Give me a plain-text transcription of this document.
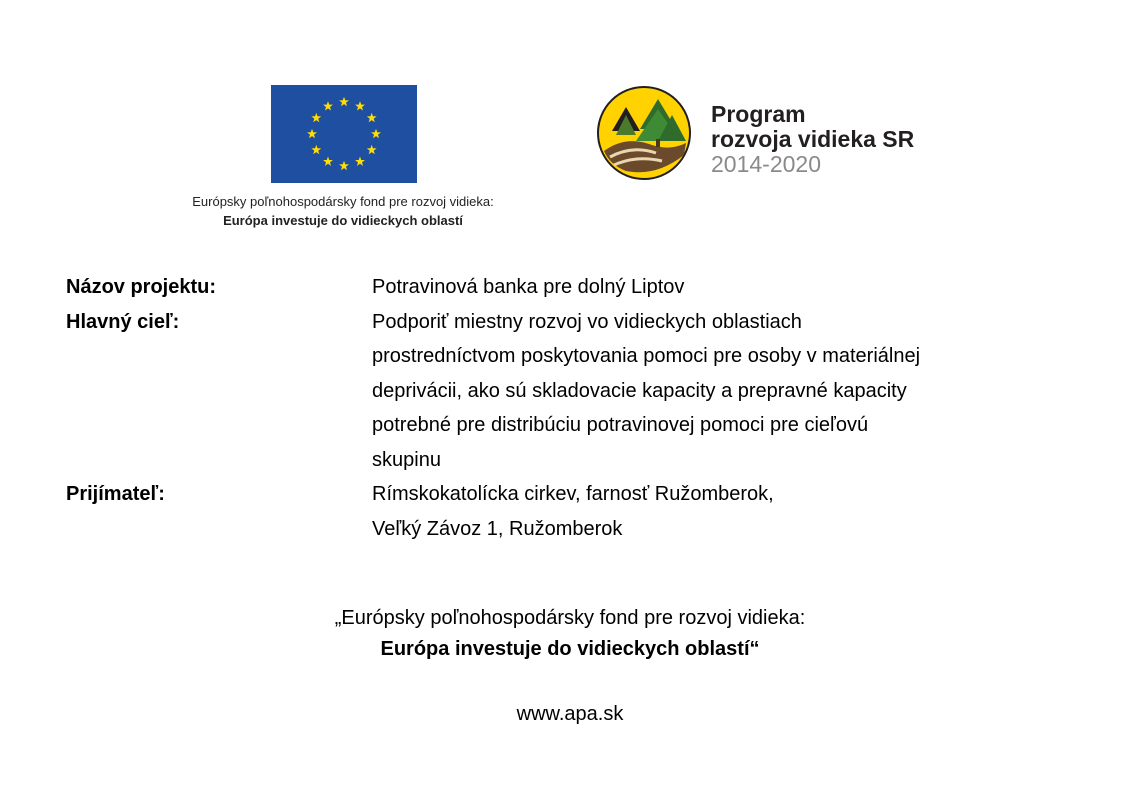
Európsky poľnohospodársky fond pre rozvoj vidieka:
Európa investuje do vidieckych oblastí
Program
rozvoja vidieka SR
2014-2020
Názov projektu:	Potravinová banka pre dolný Liptov
Hlavný cieľ:	Podporiť miestny rozvoj vo vidieckych oblastiach
prostredníctvom poskytovania pomoci pre osoby v materiálnej
deprivácii, ako sú skladovacie kapacity a prepravné kapacity
potrebné pre distribúciu potravinovej pomoci pre cieľovú
skupinu
Prijímateľ:	Rímskokatolícka cirkev, farnosť Ružomberok,
Veľký Závoz 1, Ružomberok
„Európsky poľnohospodársky fond pre rozvoj vidieka:
Európa investuje do vidieckych oblastí“
www.apa.sk
